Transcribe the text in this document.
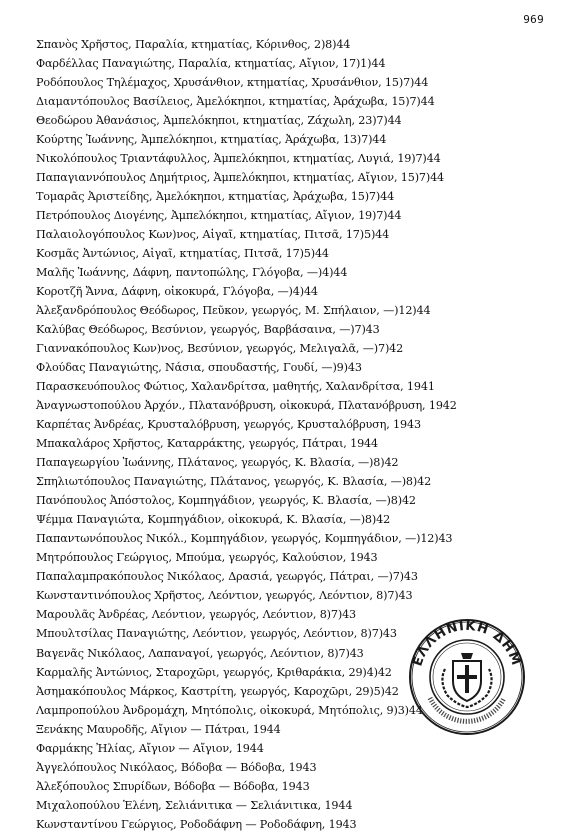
969
Σπανὸς Χρῆστος, Παραλία, κτηματίας, Κόρινθος, 2)8)44
Φαρδέλλας Παναγιώτης, Παραλία, κτηματίας, Αἴγιον, 17)1)44
Ροδόπουλος Τηλέμαχος, Χρυσάνθιον, κτηματίας, Χρυσάνθιον, 15)7)44
Διαμαντόπουλος Βασίλειος, Ἀμελόκηποι, κτηματίας, Ἀράχωβα, 15)7)44
Θεοδώρου Ἀθανάσιος, Ἀμπελόκηποι, κτηματίας, Ζάχωλη, 23)7)44
Κούρτης Ἰωάννης, Ἀμπελόκηποι, κτηματίας, Ἀράχωβα, 13)7)44
Νικολόπουλος Τριαντάφυλλος, Ἀμπελόκηποι, κτηματίας, Λυγιά, 19)7)44
Παπαγιαννόπουλος Δημήτριος, Ἀμπελόκηποι, κτηματίας, Αἴγιον, 15)7)44
Τομαρᾶς Ἀριστείδης, Ἀμελόκηποι, κτηματίας, Ἀράχωβα, 15)7)44
Πετρόπουλος Διογένης, Ἀμπελόκηποι, κτηματίας, Αἴγιον, 19)7)44
Παλαιολογόπουλος Κων)νος, Αἰγαῖ, κτηματίας, Πιτσᾶ, 17)5)44
Κοσμᾶς Ἀντώνιος, Αἰγαῖ, κτηματίας, Πιτσᾶ, 17)5)44
Μαλῆς Ἰωάννης, Δάφνη, παντοπώλης, Γλόγοβα, —)4)44
Κοροτζῆ Ἄννα, Δάφνη, οἰκοκυρά, Γλόγοβα, —)4)44
Ἀλεξανδρόπουλος Θεόδωρος, Πεῦκον, γεωργός, Μ. Σπήλαιον, —)12)44
Καλύβας Θεόδωρος, Βεσύνιον, γεωργός, Βαρβάσαινα, —)7)43
Γιαννακόπουλος Κων)νος, Βεσύνιον, γεωργός, Μελιγαλᾶ, —)7)42
Φλούδας Παναγιώτης, Νάσια, σπουδαστής, Γουδί, —)9)43
Παρασκευόπουλος Φώτιος, Χαλανδρίτσα, μαθητής, Χαλανδρίτσα, 1941
Ἀναγνωστοπούλου Ἀρχόν., Πλατανόβρυση, οἰκοκυρά, Πλατανόβρυση, 1942
Καρπέτας Ἀνδρέας, Κρυσταλόβρυση, γεωργός, Κρυσταλόβρυση, 1943
Μπακαλάρος Χρῆστος, Καταρράκτης, γεωργός, Πάτραι, 1944
Παπαγεωργίου Ἰωάννης, Πλάτανος, γεωργός, Κ. Βλασία, —)8)42
Σπηλιωτόπουλος Παναγιώτης, Πλάτανος, γεωργός, Κ. Βλασία, —)8)42
Πανόπουλος Ἀπόστολος, Κομπηγάδιον, γεωργός, Κ. Βλασία, —)8)42
Ψέμμα Παναγιώτα, Κομπηγάδιον, οἰκοκυρά, Κ. Βλασία, —)8)42
Παπαντωνόπουλος Νικόλ., Κομπηγάδιον, γεωργός, Κομπηγάδιον, —)12)43
Μητρόπουλος Γεώργιος, Μπούμα, γεωργός, Καλούσιον, 1943
Παπαλαμπρακόπουλος Νικόλαος, Δρασιά, γεωργός, Πάτραι, —)7)43
Κωνσταντινόπουλος Χρῆστος, Λεόντιον, γεωργός, Λεόντιον, 8)7)43
Μαρουλᾶς Ἀνδρέας, Λεόντιον, γεωργός, Λεόντιον, 8)7)43
Μπουλτσίλας Παναγιώτης, Λεόντιον, γεωργός, Λεόντιον, 8)7)43
Βαγενᾶς Νικόλαος, Λαπαναγοί, γεωργός, Λεόντιον, 8)7)43
Καρμαλῆς Ἀντώνιος, Σταροχῶρι, γεωργός, Κριθαράκια, 29)4)42
Ἀσημακόπουλος Μάρκος, Καστρίτη, γεωργός, Καροχῶρι, 29)5)42
Λαμπροπούλου Ἀνδρομάχη, Μητόπολις, οἰκοκυρά, Μητόπολις, 9)3)44
Ξενάκης Μαυροδῆς, Αἴγιον — Πάτραι, 1944
Φαρμάκης Ἠλίας, Αἴγιον — Αἴγιον, 1944
Ἀγγελόπουλος Νικόλαος, Βόδοβα — Βόδοβα, 1943
Ἀλεξόπουλος Σπυρίδων, Βόδοβα — Βόδοβα, 1943
Μιχαλοπούλου Ἑλένη, Σελιάνιτικα — Σελιάνιτικα, 1944
Κωνσταντίνου Γεώργιος, Ροδοδάφνη — Ροδοδάφνη, 1943
ΕΛΛΗΝΙΚΗ ΔΗΜ
